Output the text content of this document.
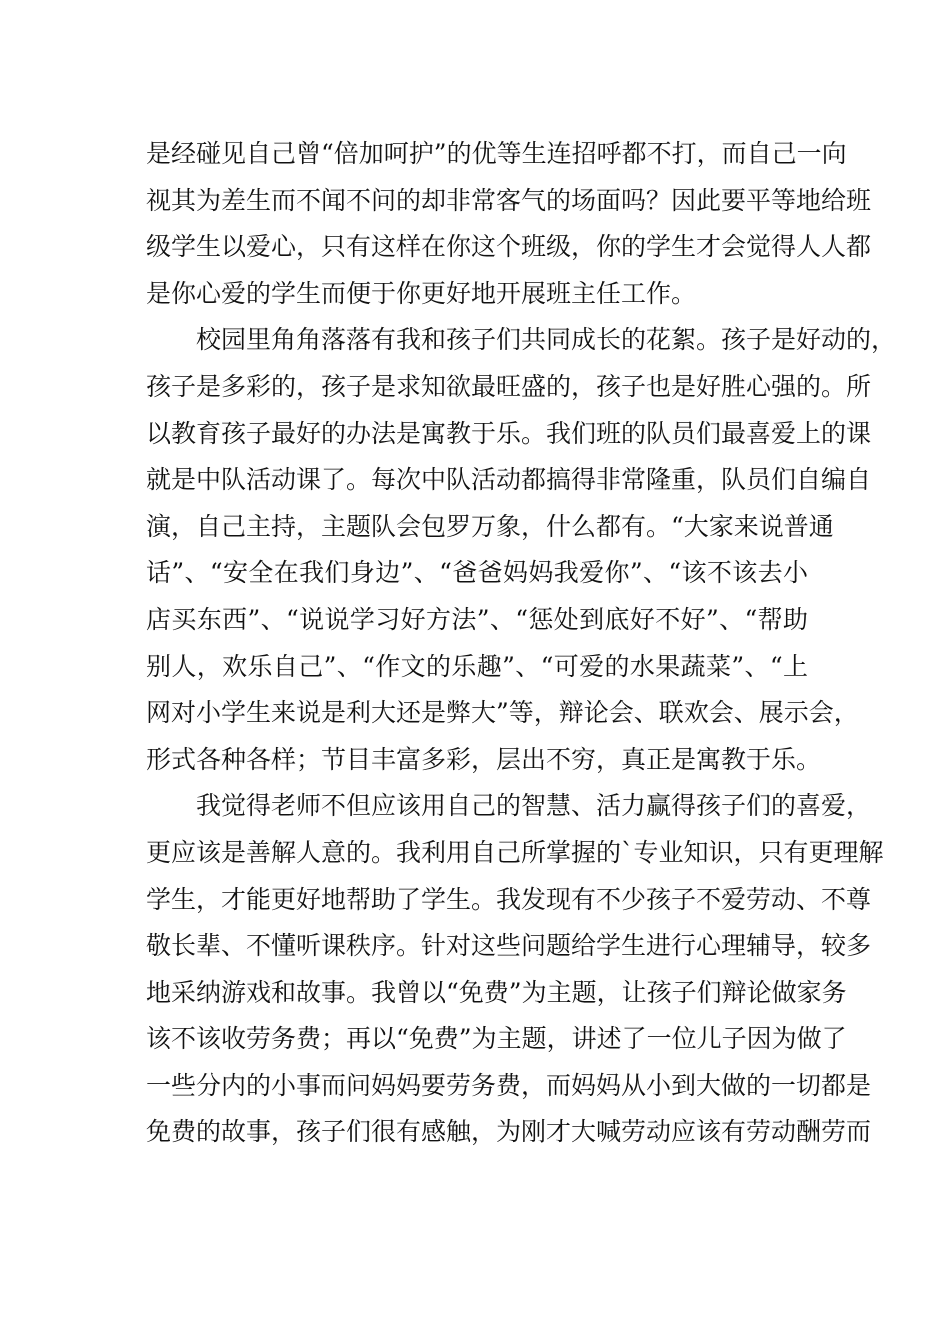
是经碰见自己曾“倍加呵护”的优等生连招呼都不打，而自己一向
视其为差生而不闻不问的却非常客气的场面吗？因此要平等地给班
级学生以爱心，只有这样在你这个班级，你的学生才会觉得人人都
是你心爱的学生而便于你更好地开展班主任工作。
　　校园里角角落落有我和孩子们共同成长的花絮。孩子是好动的，
孩子是多彩的，孩子是求知欲最旺盛的，孩子也是好胜心强的。所
以教育孩子最好的办法是寓教于乐。我们班的队员们最喜爱上的课
就是中队活动课了。每次中队活动都搞得非常隆重，队员们自编自
演，自己主持，主题队会包罗万象，什么都有。“大家来说普通
话”、“安全在我们身边”、“爸爸妈妈我爱你”、“该不该去小
店买东西”、“说说学习好方法”、“惩处到底好不好”、“帮助
别人，欢乐自己”、“作文的乐趣”、“可爱的水果蔬菜”、“上
网对小学生来说是利大还是弊大”等，辩论会、联欢会、展示会，
形式各种各样；节目丰富多彩，层出不穷，真正是寓教于乐。
　　我觉得老师不但应该用自己的智慧、活力赢得孩子们的喜爱，
更应该是善解人意的。我利用自己所掌握的`专业知识，只有更理解
学生，才能更好地帮助了学生。我发现有不少孩子不爱劳动、不尊
敬长辈、不懂听课秩序。针对这些问题给学生进行心理辅导，较多
地采纳游戏和故事。我曾以“免费”为主题，让孩子们辩论做家务
该不该收劳务费；再以“免费”为主题，讲述了一位儿子因为做了
一些分内的小事而问妈妈要劳务费，而妈妈从小到大做的一切都是
免费的故事，孩子们很有感触，为刚才大喊劳动应该有劳动酬劳而
